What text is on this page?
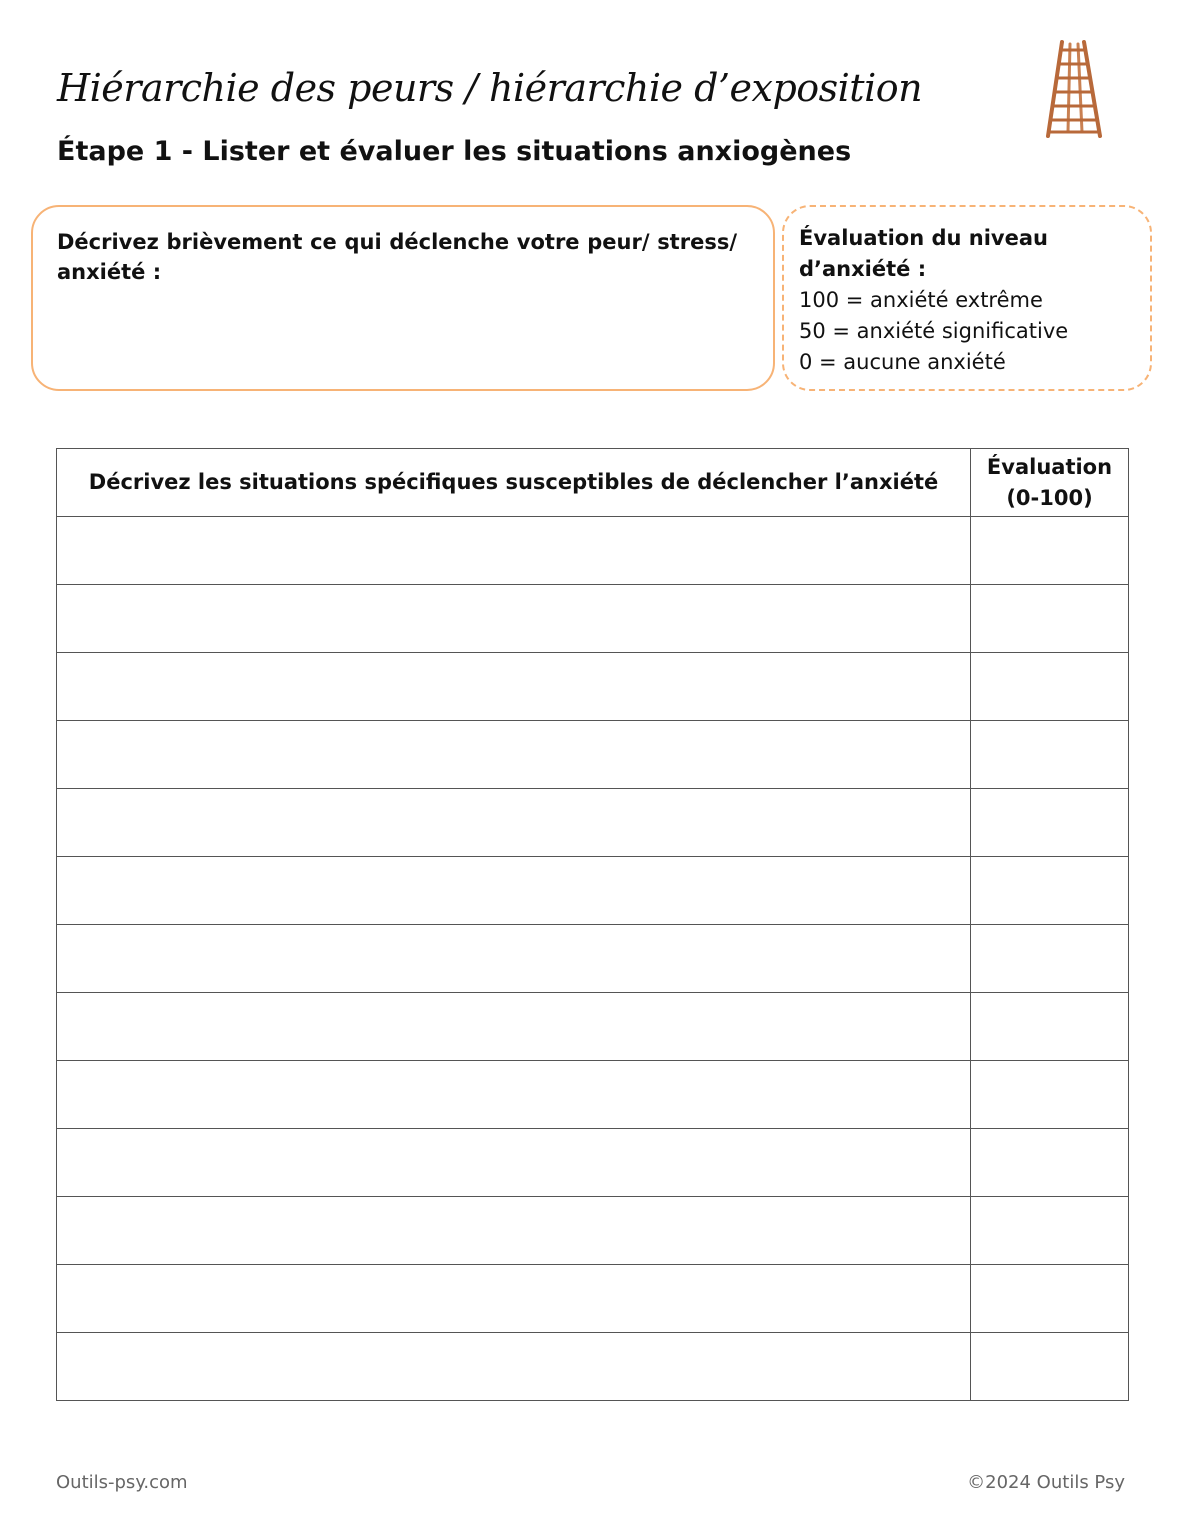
Hiérarchie des peurs / hiérarchie d’exposition
Étape 1 - Lister et évaluer les situations anxiogènes
Décrivez brièvement ce qui déclenche votre peur/ stress/ anxiété :
Évaluation du niveau d’anxiété :
100 = anxiété extrême
50 = anxiété significative
0 = aucune anxiété
Décrivez les situations spécifiques susceptibles de déclencher l’anxiété	Évaluation (0-100)

Outils-psy.com	©2024 Outils Psy
